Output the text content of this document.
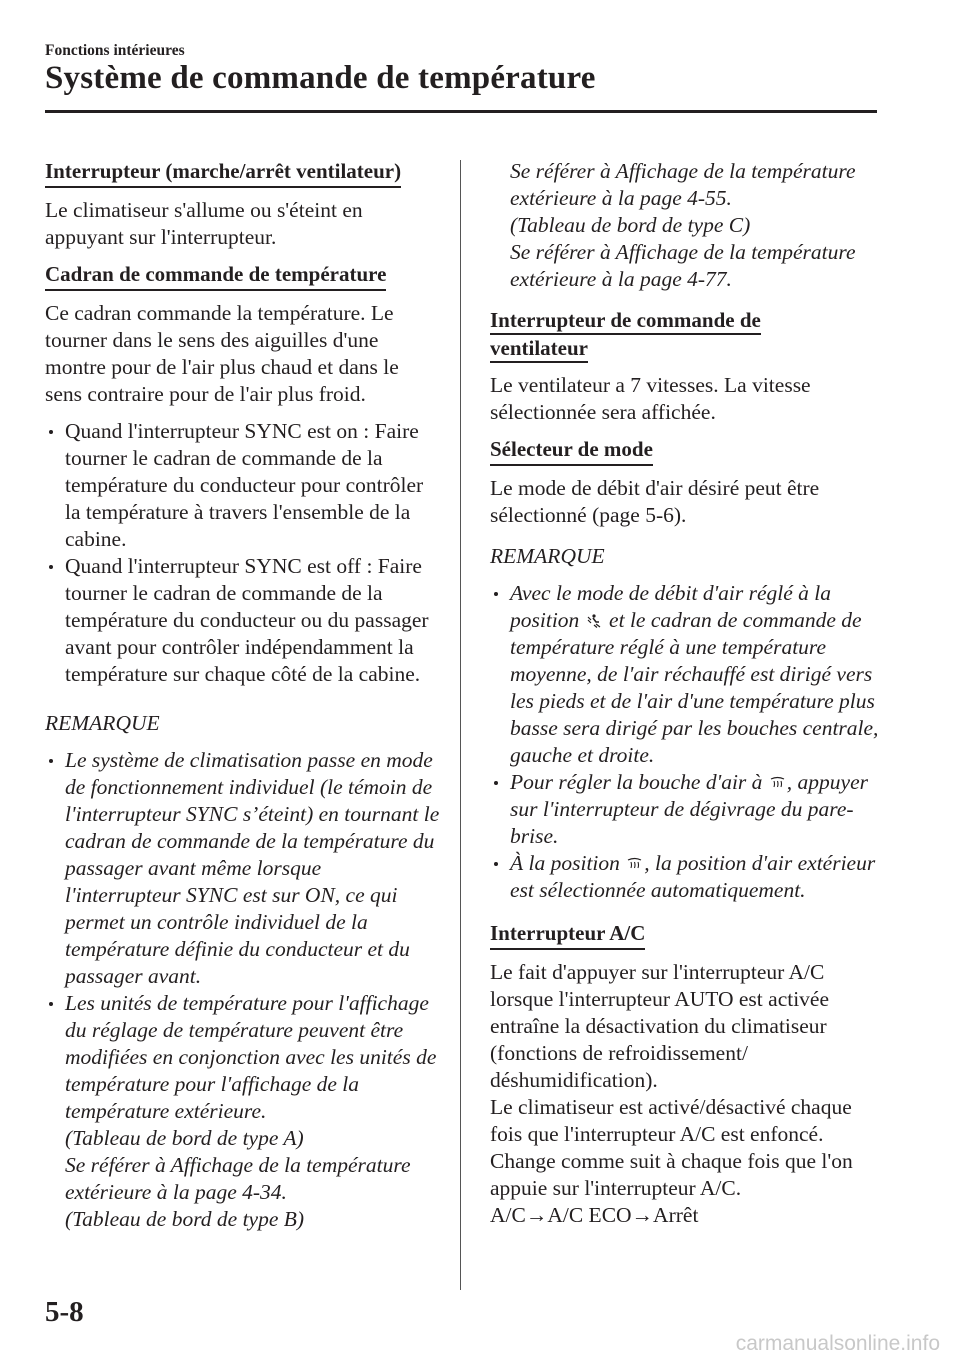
Fonctions intérieures
Système de commande de température
Interrupteur (marche/arrêt ventilateur)

Le climatiseur s'allume ou s'éteint en appuyant sur l'interrupteur.

Cadran de commande de température

Ce cadran commande la température. Le tourner dans le sens des aiguilles d'une montre pour de l'air plus chaud et dans le sens contraire pour de l'air plus froid.

Quand l'interrupteur SYNC est on : Faire tourner le cadran de commande de la température du conducteur pour contrôler la température à travers l'ensemble de la cabine.
Quand l'interrupteur SYNC est off : Faire tourner le cadran de commande de la température du conducteur ou du passager avant pour contrôler indépendamment la température sur chaque côté de la cabine.
REMARQUE
Le système de climatisation passe en mode de fonctionnement individuel (le témoin de l'interrupteur SYNC s’éteint) en tournant le cadran de commande de la température du passager avant même lorsque l'interrupteur SYNC est sur ON, ce qui permet un contrôle individuel de la température définie du conducteur et du passager avant.
Les unités de température pour l'affichage du réglage de température peuvent être modifiées en conjonction avec les unités de température pour l'affichage de la température extérieure.
(Tableau de bord de type A)
Se référer à Affichage de la température extérieure à la page 4-34.
(Tableau de bord de type B)
Se référer à Affichage de la température extérieure à la page 4-55.
(Tableau de bord de type C)
Se référer à Affichage de la température extérieure à la page 4-77.
Interrupteur de commande de
ventilateur

Le ventilateur a 7 vitesses. La vitesse sélectionnée sera affichée.

Sélecteur de mode

Le mode de débit d'air désiré peut être sélectionné (page 5-6).

REMARQUE
Avec le mode de débit d'air réglé à la position et le cadran de commande de température réglé à une température moyenne, de l'air réchauffé est dirigé vers les pieds et de l'air d'une température plus basse sera dirigé par les bouches centrale, gauche et droite.
Pour régler la bouche d'air à , appuyer sur l'interrupteur de dégivrage du pare-brise.
À la position , la position d'air extérieur est sélectionnée automatiquement.
Interrupteur A/C
Le fait d'appuyer sur l'interrupteur A/C lorsque l'interrupteur AUTO est activée entraîne la désactivation du climatiseur (fonctions de refroidissement/ déshumidification).
Le climatiseur est activé/désactivé chaque fois que l'interrupteur A/C est enfoncé.
Change comme suit à chaque fois que l'on appuie sur l'interrupteur A/C.
A/C→A/C ECO→Arrêt
5-8
carmanualsonline.info
